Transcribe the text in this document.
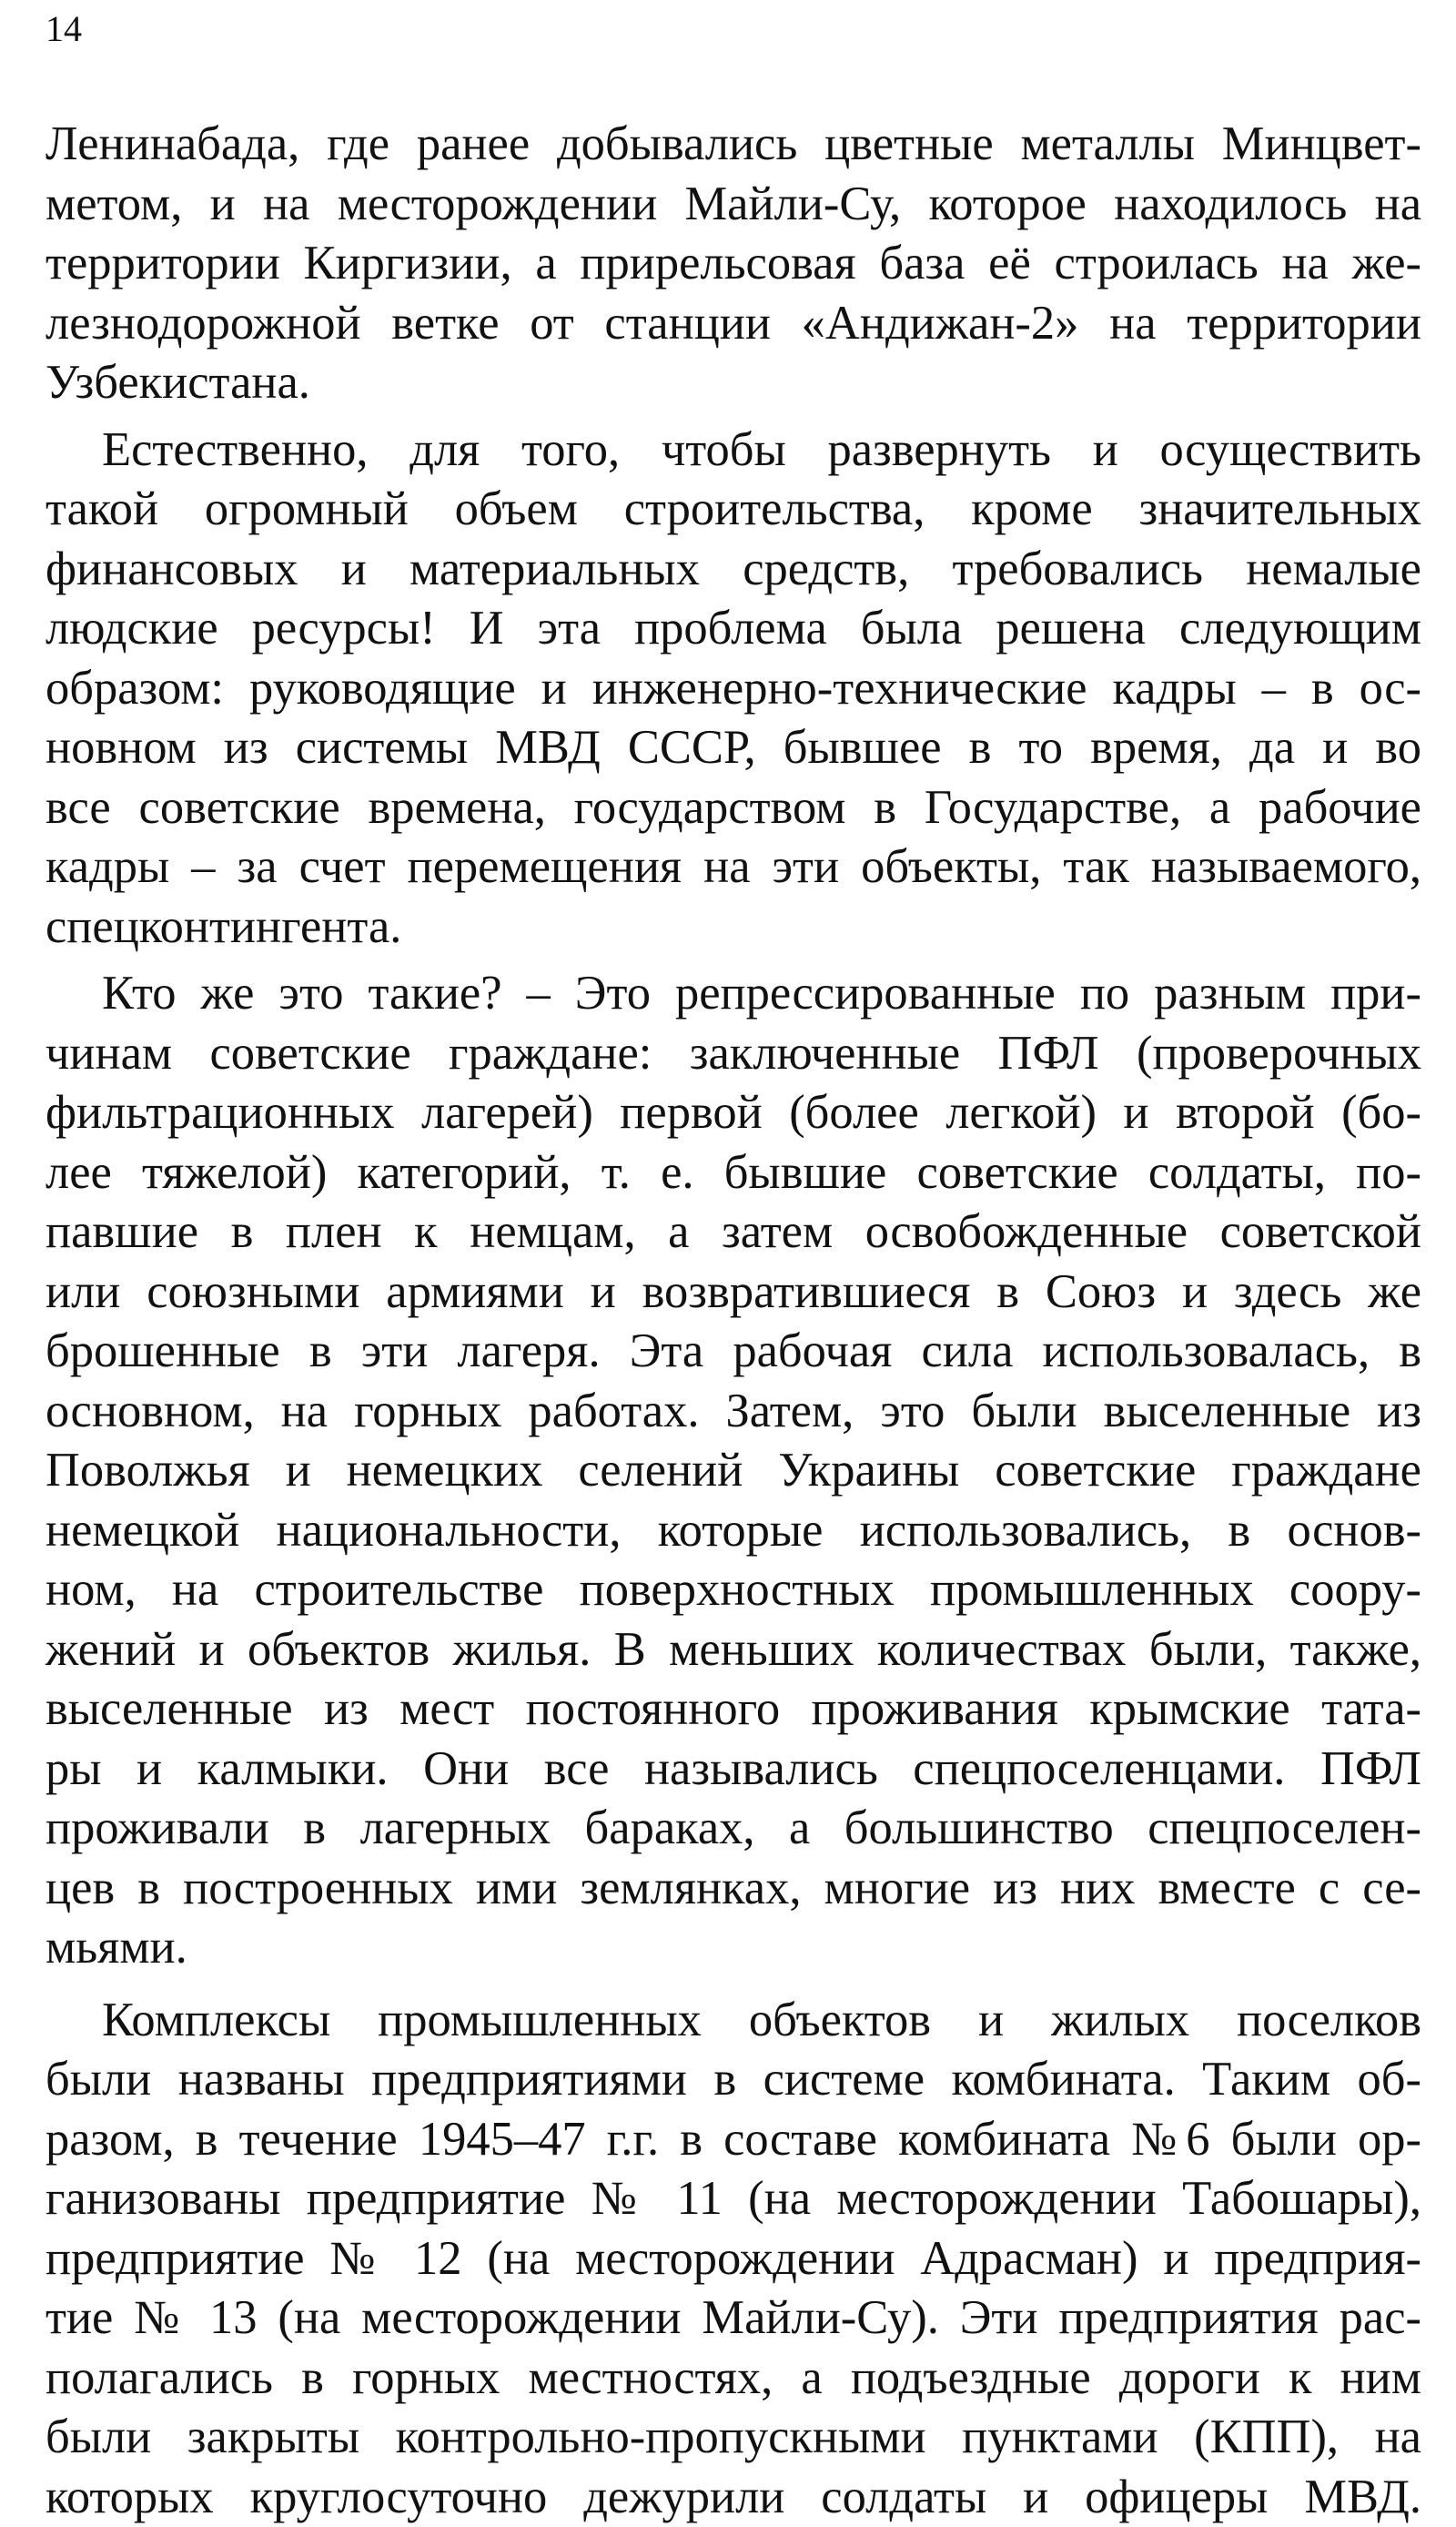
14
Ленинабада, где ранее добывались цветные металлы Минцвет-
метом, и на месторождении Майли-Су, которое находилось на
территории Киргизии, а прирельсовая база её строилась на же-
лезнодорожной ветке от станции «Андижан-2» на территории
Узбекистана.
Естественно, для того, чтобы развернуть и осуществить
такой огромный объем строительства, кроме значительных
финансовых и материальных средств, требовались немалые
людские ресурсы! И эта проблема была решена следующим
образом: руководящие и инженерно-технические кадры – в ос-
новном из системы МВД СССР, бывшее в то время, да и во
все советские времена, государством в Государстве, а рабочие
кадры – за счет перемещения на эти объекты, так называемого,
спецконтингента.
Кто же это такие? – Это репрессированные по разным при-
чинам советские граждане: заключенные ПФЛ (проверочных
фильтрационных лагерей) первой (более легкой) и второй (бо-
лее тяжелой) категорий, т. е. бывшие советские солдаты, по-
павшие в плен к немцам, а затем освобожденные советской
или союзными армиями и возвратившиеся в Союз и здесь же
брошенные в эти лагеря. Эта рабочая сила использовалась, в
основном, на горных работах. Затем, это были выселенные из
Поволжья и немецких селений Украины советские граждане
немецкой национальности, которые использовались, в основ-
ном, на строительстве поверхностных промышленных соору-
жений и объектов жилья. В меньших количествах были, также,
выселенные из мест постоянного проживания крымские тата-
ры и калмыки. Они все назывались спецпоселенцами. ПФЛ
проживали в лагерных бараках, а большинство спецпоселен-
цев в построенных ими землянках, многие из них вместе с се-
мьями.
Комплексы промышленных объектов и жилых поселков
были названы предприятиями в системе комбината. Таким об-
разом, в течение 1945–47 г.г. в составе комбината №6 были ор-
ганизованы предприятие № 11 (на месторождении Табошары),
предприятие № 12 (на месторождении Адрасман) и предприя-
тие № 13 (на месторождении Майли-Су). Эти предприятия рас-
полагались в горных местностях, а подъездные дороги к ним
были закрыты контрольно-пропускными пунктами (КПП), на
которых круглосуточно дежурили солдаты и офицеры МВД.
